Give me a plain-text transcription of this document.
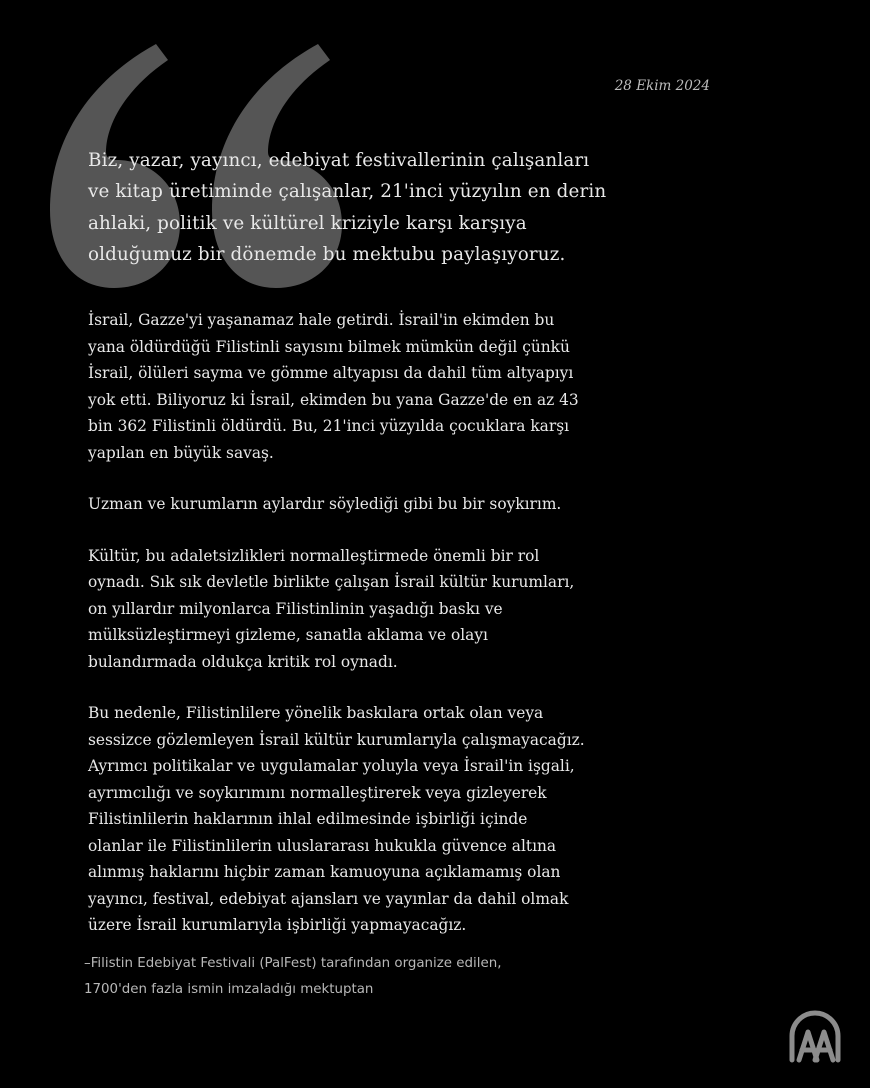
28 Ekim 2024

Biz, yazar, yayıncı, edebiyat festivallerinin çalışanları
ve kitap üretiminde çalışanlar, 21'inci yüzyılın en derin
ahlaki, politik ve kültürel kriziyle karşı karşıya
olduğumuz bir dönemde bu mektubu paylaşıyoruz.

İsrail, Gazze'yi yaşanamaz hale getirdi. İsrail'in ekimden bu
yana öldürdüğü Filistinli sayısını bilmek mümkün değil çünkü
İsrail, ölüleri sayma ve gömme altyapısı da dahil tüm altyapıyı
yok etti. Biliyoruz ki İsrail, ekimden bu yana Gazze'de en az 43
bin 362 Filistinli öldürdü. Bu, 21'inci yüzyılda çocuklara karşı
yapılan en büyük savaş.

Uzman ve kurumların aylardır söylediği gibi bu bir soykırım.

Kültür, bu adaletsizlikleri normalleştirmede önemli bir rol
oynadı. Sık sık devletle birlikte çalışan İsrail kültür kurumları,
on yıllardır milyonlarca Filistinlinin yaşadığı baskı ve
mülksüzleştirmeyi gizleme, sanatla aklama ve olayı
bulandırmada oldukça kritik rol oynadı.

Bu nedenle, Filistinlilere yönelik baskılara ortak olan veya
sessizce gözlemleyen İsrail kültür kurumlarıyla çalışmayacağız.
Ayrımcı politikalar ve uygulamalar yoluyla veya İsrail'in işgali,
ayrımcılığı ve soykırımını normalleştirerek veya gizleyerek
Filistinlilerin haklarının ihlal edilmesinde işbirliği içinde
olanlar ile Filistinlilerin uluslararası hukukla güvence altına
alınmış haklarını hiçbir zaman kamuoyuna açıklamamış olan
yayıncı, festival, edebiyat ajansları ve yayınlar da dahil olmak
üzere İsrail kurumlarıyla işbirliği yapmayacağız.

–Filistin Edebiyat Festivali (PalFest) tarafından organize edilen,
1700'den fazla ismin imzaladığı mektuptan
